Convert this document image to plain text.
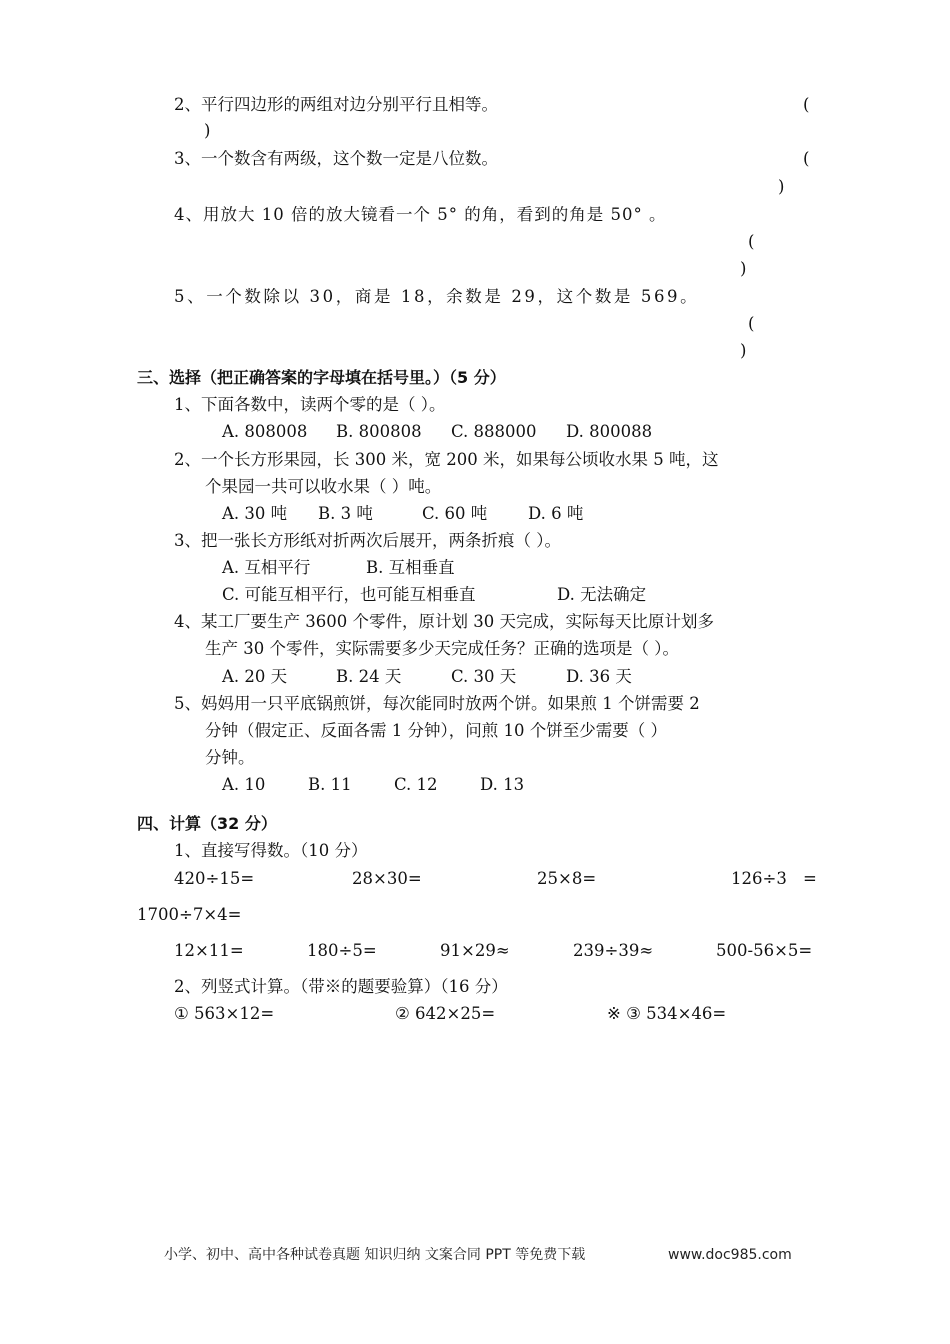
2、平行四边形的两组对边分别平行且相等。	(
)
3、一个数含有两级，这个数一定是八位数。	(
)
4、用放大 10 倍的放大镜看一个 5° 的角，看到的角是 50° 。
(
)
5、一个数除以 30，商是 18，余数是 29，这个数是 569。
(
)
三、选择（把正确答案的字母填在括号里。）（5 分）
1、下面各数中，读两个零的是（ ）。
A. 808008 B. 800808 C. 888000 D. 800088
2、一个长方形果园，长 300 米，宽 200 米，如果每公顷收水果 5 吨，这
个果园一共可以收水果（ ）吨。
A. 30 吨 B. 3 吨	C. 60 吨 D. 6 吨
3、把一张长方形纸对折两次后展开，两条折痕（ ）。
A. 互相平行	B. 互相垂直
C. 可能互相平行，也可能互相垂直	D. 无法确定
4、某工厂要生产 3600 个零件，原计划 30 天完成，实际每天比原计划多
生产 30 个零件，实际需要多少天完成任务？正确的选项是（ ）。
A. 20 天	B. 24 天	C. 30 天	D. 36 天
5、妈妈用一只平底锅煎饼，每次能同时放两个饼。如果煎 1 个饼需要 2
分钟（假定正、反面各需 1 分钟），问煎 10 个饼至少需要（ ）
分钟。
A. 10	B. 11	C. 12	D. 13
四、计算（32 分）
1、直接写得数。（10 分）
420÷15=	28×30=	25×8=	126÷3 =
1700÷7×4=
12×11=	180÷5=	91×29≈	239÷39≈	500-56×5=
2、列竖式计算。（带※的题要验算）（16 分）
① 563×12=	② 642×25=	※ ③ 534×46=
小学、初中、高中各种试卷真题 知识归纳 文案合同 PPT 等免费下载	www.doc985.com
